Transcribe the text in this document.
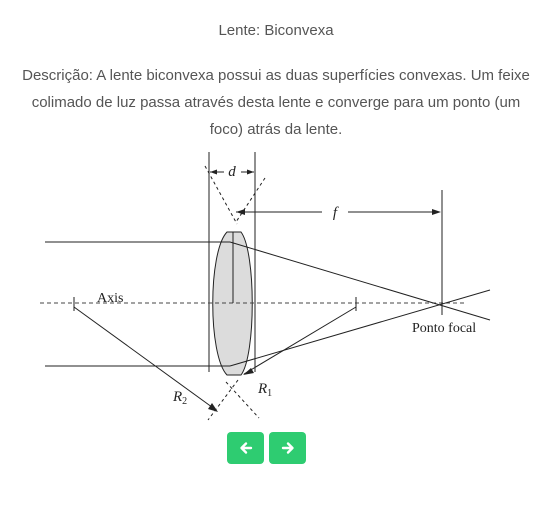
Lente: Biconvexa
Descrição: A lente biconvexa possui as duas superfícies convexas. Um feixe colimado de luz passa através desta lente e converge para um ponto (um foco) atrás da lente.
d
f
Axis
Ponto focal
$R_1$
$R_2$
